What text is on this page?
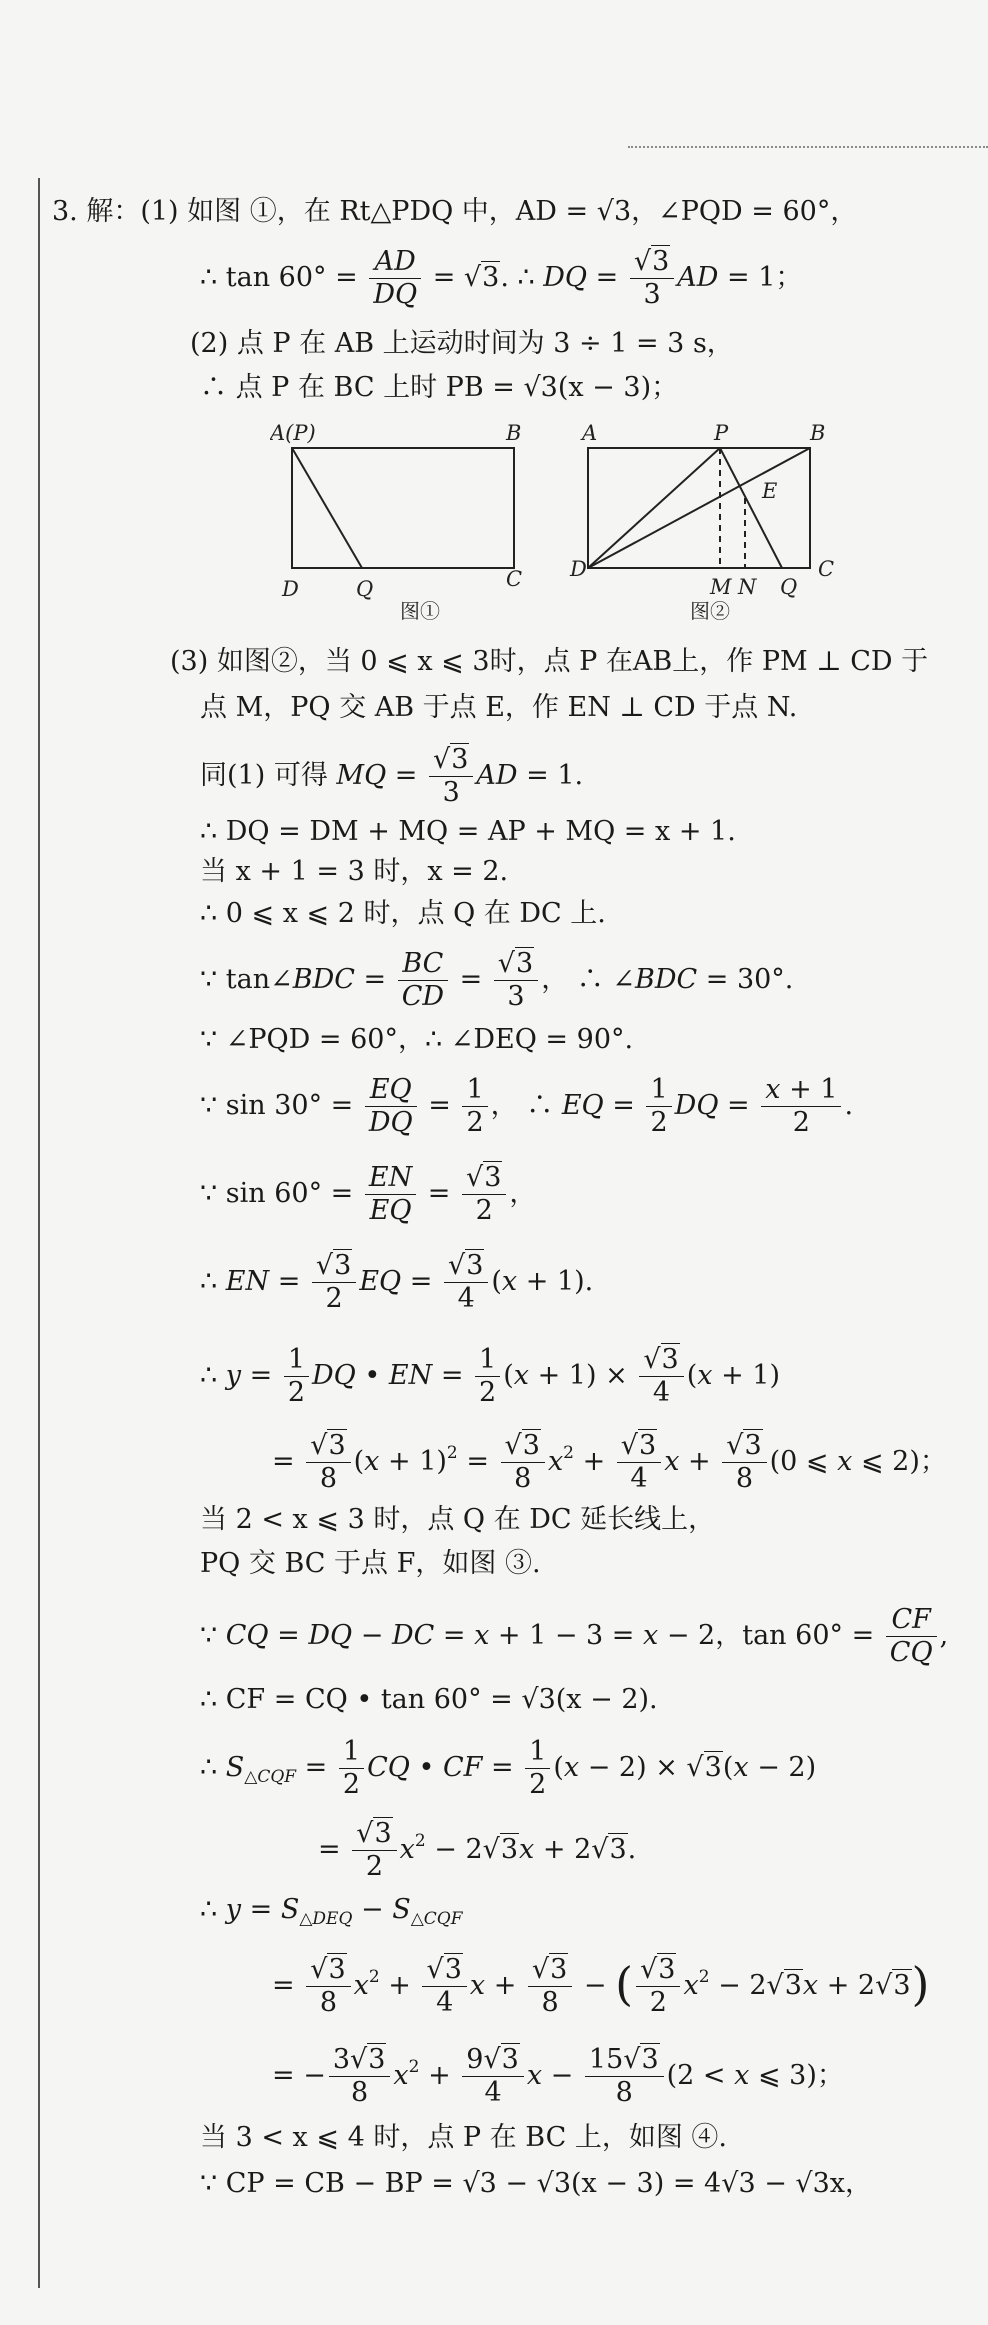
3. 解：(1) 如图 ①，在 Rt△PDQ 中，AD = √3，∠PQD = 60°，
∴ $\tan 60^\circ = \frac{AD}{DQ} = √3$. ∴ DQ = $\frac{√3}{3}$ AD = 1；
(2) 点 P 在 AB 上运动时间为 3 ÷ 1 = 3 s，
∴ 点 P 在 BC 上时 PB = √3(x − 3)；
A(P)	B
D	Q	C
A	P	B
E
D
M N Q
C
图①	图②
(3) 如图②，当 0 ⩽ x ⩽ 3时，点 P 在AB上，作 PM ⊥ CD 于
点 M，PQ 交 AB 于点 E，作 EN ⊥ CD 于点 N.
同(1) 可得 MQ = $\frac{√3}{3}$ AD = 1.
∴ DQ = DM + MQ = AP + MQ = x + 1.
当 x + 1 = 3 时，x = 2.
∴ 0 ⩽ x ⩽ 2 时，点 Q 在 DC 上.
∵ tan∠BDC = $\frac{BC}{CD} = \frac{√3}{3}$ ， ∴ ∠BDC = 30°.
∵ ∠PQD = 60°，∴ ∠DEQ = 90°.
∵ $\sin 30^\circ = \frac{EQ}{DQ} = \frac{1}{2}$ ， ∴ EQ = $\frac{1}{2}$ DQ = $\frac{x + 1}{2}$ .
∵ $\sin 60^\circ = \frac{EN}{EQ} = \frac{√3}{2}$ ，
∴ EN = $\frac{√3}{2}$ EQ = $\frac{√3}{4} (x + 1)$.
∴ $y = \frac{1}{2}$ DQ • EN = $\frac{1}{2} (x + 1) \times \frac{√3}{4} (x + 1)$
= $\frac{√3}{8} (x + 1)^2 = \frac{√3}{8} x^2 + \frac{√3}{4}$ $x + \frac{√3}{8} (0$ ⩽ x ⩽ 2)；
当 2 < x ⩽ 3 时，点 Q 在 DC 延长线上，
PQ 交 BC 于点 F，如图 ③.
∵ CQ = DQ − DC = x + 1 − 3 = x − 2，$\tan 60^\circ = \frac{CF}{CQ}$ ,
∴ CF = CQ • tan 60° = √3(x − 2).
∴ $S_{\triangle CQF} = \frac{1}{2}$ CQ • CF = $\frac{1}{2} (x - 2) \times √3(x - 2)$
= $\frac{√3}{2} x^2 - 2√3x + 2√3$.
∴ $y = S_{\triangle DEQ} - S_{\triangle CQF}$
= $\frac{√3}{8} x^2 + \frac{√3}{4}$ $x + \frac{√3}{8}$ − ( $\frac{√3}{2} x^2 - 2√3x + 2√3$)
= − $\frac{3√3}{8} x^2 + \frac{9√3}{4}$ $x - \frac{15√3}{8} (2 < x$ ⩽ 3)；
当 3 < x ⩽ 4 时，点 P 在 BC 上，如图 ④.
∵ CP = CB − BP = √3 − √3(x − 3) = 4√3 − √3x，
